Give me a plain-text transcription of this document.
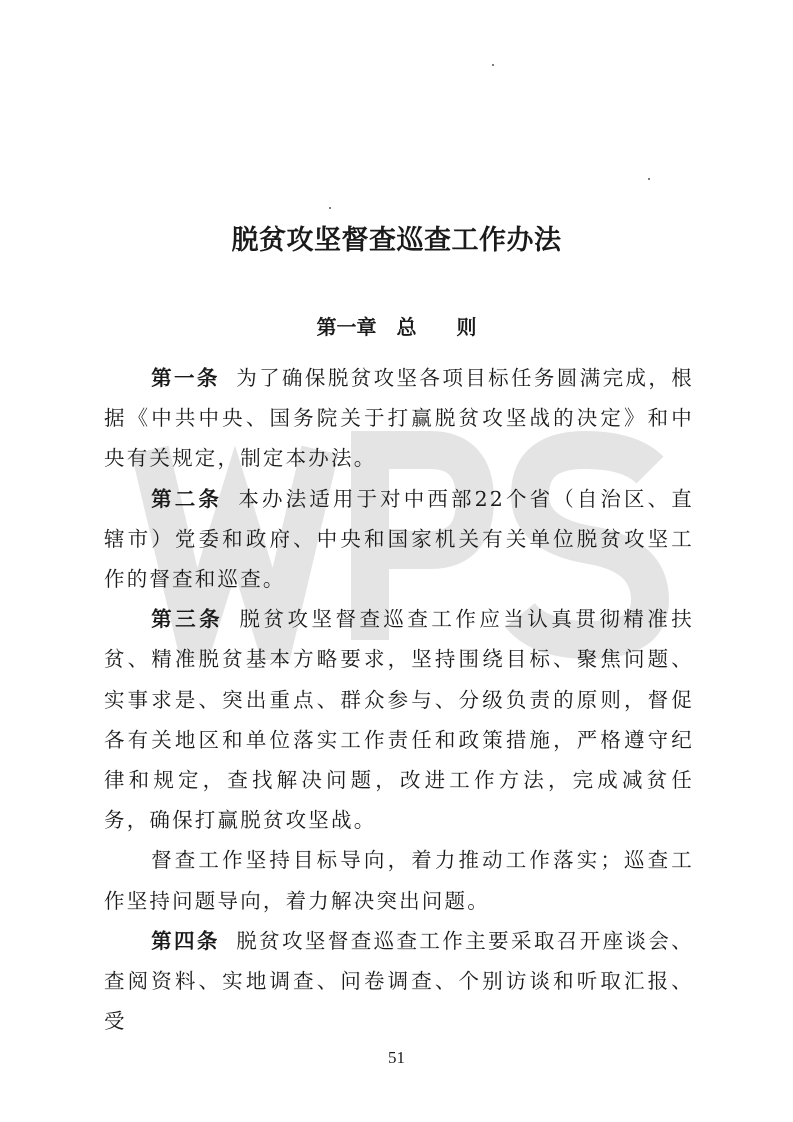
脱贫攻坚督查巡查工作办法
第一章　总　　则

第一条 为了确保脱贫攻坚各项目标任务圆满完成，根据《中共中央、国务院关于打赢脱贫攻坚战的决定》和中央有关规定，制定本办法。

第二条 本办法适用于对中西部22个省（自治区、直辖市）党委和政府、中央和国家机关有关单位脱贫攻坚工作的督查和巡查。

第三条 脱贫攻坚督查巡查工作应当认真贯彻精准扶贫、精准脱贫基本方略要求，坚持围绕目标、聚焦问题、实事求是、突出重点、群众参与、分级负责的原则，督促各有关地区和单位落实工作责任和政策措施，严格遵守纪律和规定，查找解决问题，改进工作方法，完成减贫任务，确保打赢脱贫攻坚战。

督查工作坚持目标导向，着力推动工作落实；巡查工作坚持问题导向，着力解决突出问题。

第四条 脱贫攻坚督查巡查工作主要采取召开座谈会、查阅资料、实地调查、问卷调查、个别访谈和听取汇报、受

51
